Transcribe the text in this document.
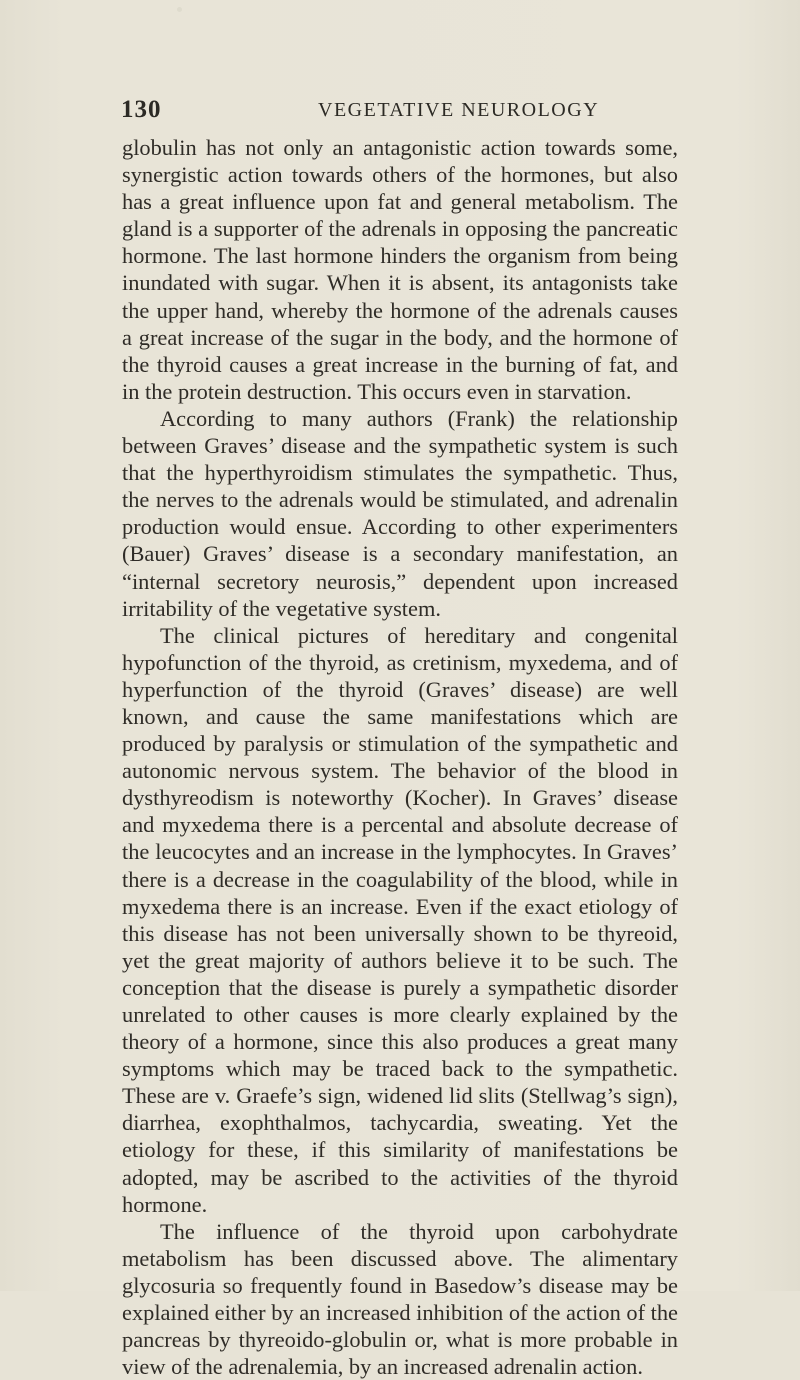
130	VEGETATIVE NEUROLOGY

globulin has not only an antagonistic action towards some, synergistic action towards others of the hormones, but also has a great influence upon fat and general metabolism. The gland is a supporter of the adrenals in opposing the pancreatic hormone. The last hormone hinders the organism from being inundated with sugar. When it is absent, its antagonists take the upper hand, whereby the hormone of the adrenals causes a great increase of the sugar in the body, and the hormone of the thyroid causes a great increase in the burning of fat, and in the protein destruction. This occurs even in starvation.

According to many authors (Frank) the relationship between Graves’ disease and the sympathetic system is such that the hyperthyroidism stimulates the sympathetic. Thus, the nerves to the adrenals would be stimulated, and adrenalin production would ensue. According to other experimenters (Bauer) Graves’ disease is a secondary manifestation, an “internal secretory neurosis,” dependent upon increased irritability of the vegetative system.

The clinical pictures of hereditary and congenital hypofunction of the thyroid, as cretinism, myxedema, and of hyperfunction of the thyroid (Graves’ disease) are well known, and cause the same manifestations which are produced by paralysis or stimulation of the sympathetic and autonomic nervous system. The behavior of the blood in dysthyreodism is noteworthy (Kocher). In Graves’ disease and myxedema there is a percental and absolute decrease of the leucocytes and an increase in the lymphocytes. In Graves’ there is a decrease in the coagulability of the blood, while in myxedema there is an increase. Even if the exact etiology of this disease has not been universally shown to be thyreoid, yet the great majority of authors believe it to be such. The conception that the disease is purely a sympathetic disorder unrelated to other causes is more clearly explained by the theory of a hormone, since this also produces a great many symptoms which may be traced back to the sympathetic. These are v. Graefe’s sign, widened lid slits (Stellwag’s sign), diarrhea, exophthalmos, tachycardia, sweating. Yet the etiology for these, if this similarity of manifestations be adopted, may be ascribed to the activities of the thyroid hormone.

The influence of the thyroid upon carbohydrate metabolism has been discussed above. The alimentary glycosuria so frequently found in Basedow’s disease may be explained either by an increased inhibition of the action of the pancreas by thyreoido-globulin or, what is more probable in view of the adrenalemia, by an increased adrenalin action.
